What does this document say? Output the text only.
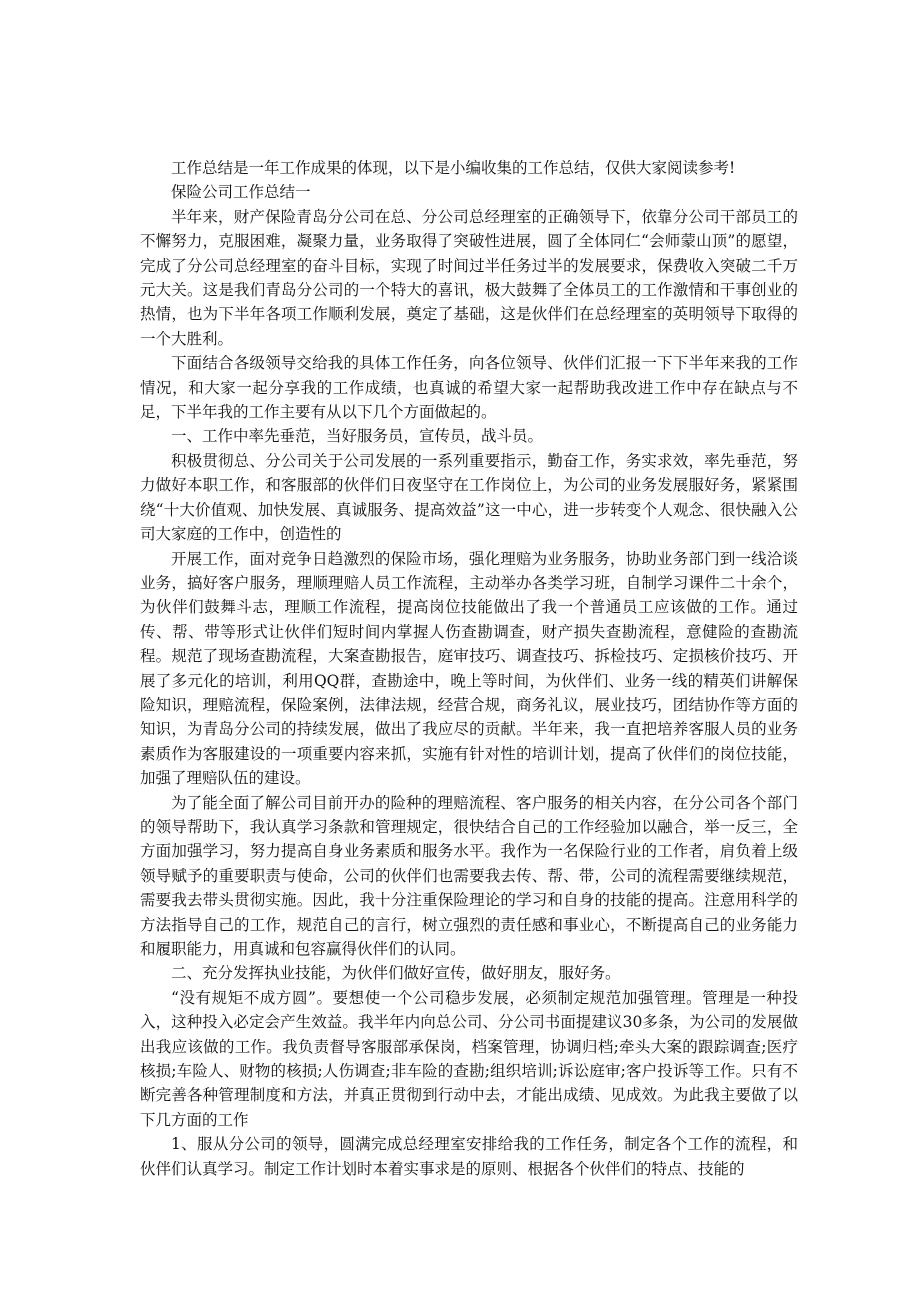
工作总结是一年工作成果的体现，以下是小编收集的工作总结，仅供大家阅读参考!

保险公司工作总结一

半年来，财产保险青岛分公司在总、分公司总经理室的正确领导下，依靠分公司干部员工的不懈努力，克服困难，凝聚力量，业务取得了突破性进展，圆了全体同仁“会师蒙山顶”的愿望，完成了分公司总经理室的奋斗目标，实现了时间过半任务过半的发展要求，保费收入突破二千万元大关。这是我们青岛分公司的一个特大的喜讯，极大鼓舞了全体员工的工作激情和干事创业的热情，也为下半年各项工作顺利发展，奠定了基础，这是伙伴们在总经理室的英明领导下取得的一个大胜利。

下面结合各级领导交给我的具体工作任务，向各位领导、伙伴们汇报一下下半年来我的工作情况，和大家一起分享我的工作成绩，也真诚的希望大家一起帮助我改进工作中存在缺点与不足，下半年我的工作主要有从以下几个方面做起的。

一、工作中率先垂范，当好服务员，宣传员，战斗员。

积极贯彻总、分公司关于公司发展的一系列重要指示，勤奋工作，务实求效，率先垂范，努力做好本职工作，和客服部的伙伴们日夜坚守在工作岗位上，为公司的业务发展服好务，紧紧围绕“十大价值观、加快发展、真诚服务、提高效益”这一中心，进一步转变个人观念、很快融入公司大家庭的工作中，创造性的

开展工作，面对竞争日趋激烈的保险市场，强化理赔为业务服务，协助业务部门到一线洽谈业务，搞好客户服务，理顺理赔人员工作流程，主动举办各类学习班，自制学习课件二十余个，为伙伴们鼓舞斗志，理顺工作流程，提高岗位技能做出了我一个普通员工应该做的工作。通过传、帮、带等形式让伙伴们短时间内掌握人伤查勘调查，财产损失查勘流程，意健险的查勘流程。规范了现场查勘流程，大案查勘报告，庭审技巧、调查技巧、拆检技巧、定损核价技巧、开展了多元化的培训，利用QQ群，查勘途中，晚上等时间，为伙伴们、业务一线的精英们讲解保险知识，理赔流程，保险案例，法律法规，经营合规，商务礼议，展业技巧，团结协作等方面的知识，为青岛分公司的持续发展，做出了我应尽的贡献。半年来，我一直把培养客服人员的业务素质作为客服建设的一项重要内容来抓，实施有针对性的培训计划，提高了伙伴们的岗位技能，加强了理赔队伍的建设。

为了能全面了解公司目前开办的险种的理赔流程、客户服务的相关内容，在分公司各个部门的领导帮助下，我认真学习条款和管理规定，很快结合自己的工作经验加以融合，举一反三，全方面加强学习，努力提高自身业务素质和服务水平。我作为一名保险行业的工作者，肩负着上级领导赋予的重要职责与使命，公司的伙伴们也需要我去传、帮、带，公司的流程需要继续规范，需要我去带头贯彻实施。因此，我十分注重保险理论的学习和自身的技能的提高。注意用科学的方法指导自己的工作，规范自己的言行，树立强烈的责任感和事业心，不断提高自己的业务能力和履职能力，用真诚和包容赢得伙伴们的认同。

二、充分发挥执业技能，为伙伴们做好宣传，做好朋友，服好务。

“没有规矩不成方圆”。要想使一个公司稳步发展，必须制定规范加强管理。管理是一种投入，这种投入必定会产生效益。我半年内向总公司、分公司书面提建议30多条，为公司的发展做出我应该做的工作。我负责督导客服部承保岗，档案管理，协调归档;牵头大案的跟踪调查;医疗核损;车险人、财物的核损;人伤调查;非车险的查勘;组织培训;诉讼庭审;客户投诉等工作。只有不断完善各种管理制度和方法，并真正贯彻到行动中去，才能出成绩、见成效。为此我主要做了以下几方面的工作

1、服从分公司的领导，圆满完成总经理室安排给我的工作任务，制定各个工作的流程，和伙伴们认真学习。制定工作计划时本着实事求是的原则、根据各个伙伴们的特点、技能的
